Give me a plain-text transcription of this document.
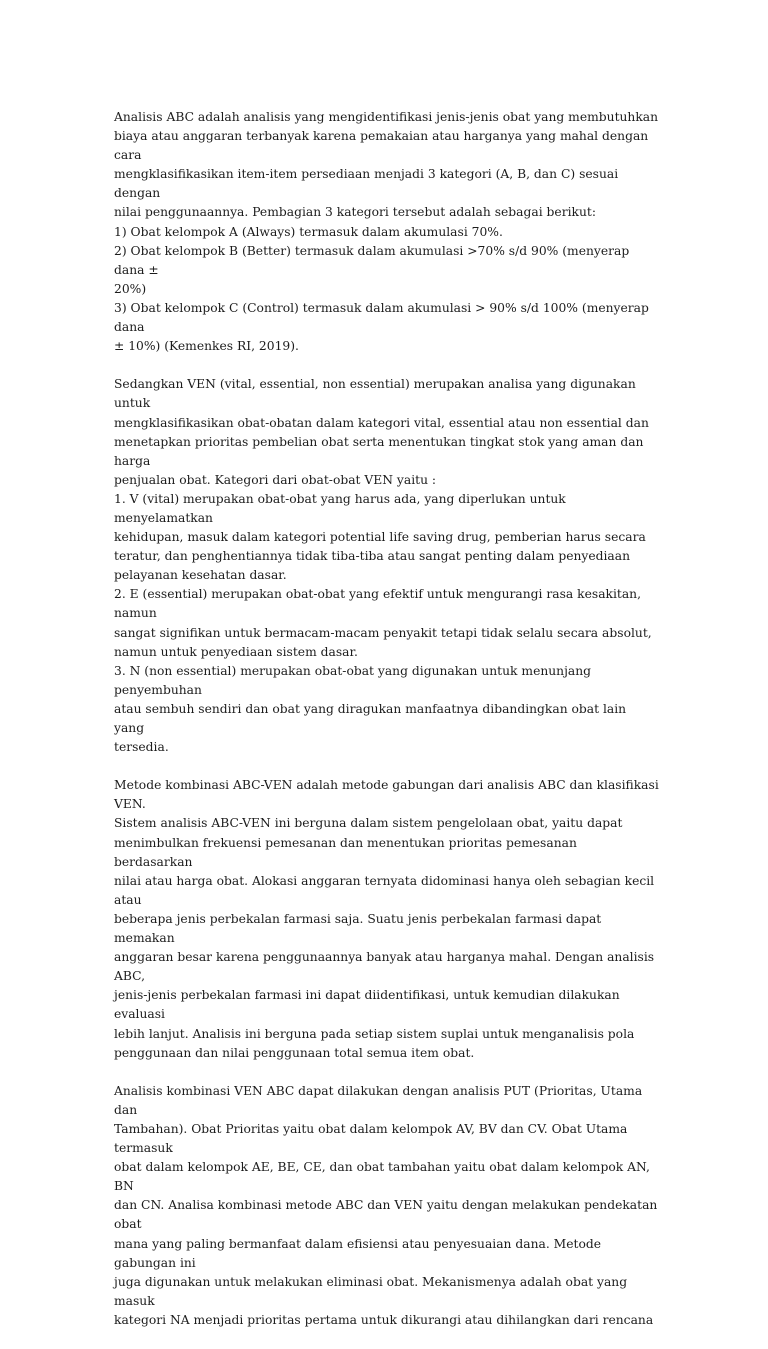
Analisis ABC adalah analisis yang mengidentifikasi jenis-jenis obat yang membutuhkan
biaya atau anggaran terbanyak karena pemakaian atau harganya yang mahal dengan cara
mengklasifikasikan item-item persediaan menjadi 3 kategori (A, B, dan C) sesuai dengan
nilai penggunaannya. Pembagian 3 kategori tersebut adalah sebagai berikut:
1) Obat kelompok A (Always) termasuk dalam akumulasi 70%.
2) Obat kelompok B (Better) termasuk dalam akumulasi >70% s/d 90% (menyerap dana ±
20%)
3) Obat kelompok C (Control) termasuk dalam akumulasi > 90% s/d 100% (menyerap dana
± 10%) (Kemenkes RI, 2019).
Sedangkan VEN (vital, essential, non essential) merupakan analisa yang digunakan untuk
mengklasifikasikan obat-obatan dalam kategori vital, essential atau non essential dan
menetapkan prioritas pembelian obat serta menentukan tingkat stok yang aman dan harga
penjualan obat. Kategori dari obat-obat VEN yaitu :
1. V (vital) merupakan obat-obat yang harus ada, yang diperlukan untuk menyelamatkan
kehidupan, masuk dalam kategori potential life saving drug, pemberian harus secara
teratur, dan penghentiannya tidak tiba-tiba atau sangat penting dalam penyediaan
pelayanan kesehatan dasar.
2. E (essential) merupakan obat-obat yang efektif untuk mengurangi rasa kesakitan, namun
sangat signifikan untuk bermacam-macam penyakit tetapi tidak selalu secara absolut,
namun untuk penyediaan sistem dasar.
3. N (non essential) merupakan obat-obat yang digunakan untuk menunjang penyembuhan
atau sembuh sendiri dan obat yang diragukan manfaatnya dibandingkan obat lain yang
tersedia.
Metode kombinasi ABC-VEN adalah metode gabungan dari analisis ABC dan klasifikasi VEN.
Sistem analisis ABC-VEN ini berguna dalam sistem pengelolaan obat, yaitu dapat
menimbulkan frekuensi pemesanan dan menentukan prioritas pemesanan berdasarkan
nilai atau harga obat. Alokasi anggaran ternyata didominasi hanya oleh sebagian kecil atau
beberapa jenis perbekalan farmasi saja. Suatu jenis perbekalan farmasi dapat memakan
anggaran besar karena penggunaannya banyak atau harganya mahal. Dengan analisis ABC,
jenis-jenis perbekalan farmasi ini dapat diidentifikasi, untuk kemudian dilakukan evaluasi
lebih lanjut. Analisis ini berguna pada setiap sistem suplai untuk menganalisis pola
penggunaan dan nilai penggunaan total semua item obat.
Analisis kombinasi VEN ABC dapat dilakukan dengan analisis PUT (Prioritas, Utama dan
Tambahan). Obat Prioritas yaitu obat dalam kelompok AV, BV dan CV. Obat Utama termasuk
obat dalam kelompok AE, BE, CE, dan obat tambahan yaitu obat dalam kelompok AN, BN
dan CN. Analisa kombinasi metode ABC dan VEN yaitu dengan melakukan pendekatan obat
mana yang paling bermanfaat dalam efisiensi atau penyesuaian dana. Metode gabungan ini
juga digunakan untuk melakukan eliminasi obat. Mekanismenya adalah obat yang masuk
kategori NA menjadi prioritas pertama untuk dikurangi atau dihilangkan dari rencana
